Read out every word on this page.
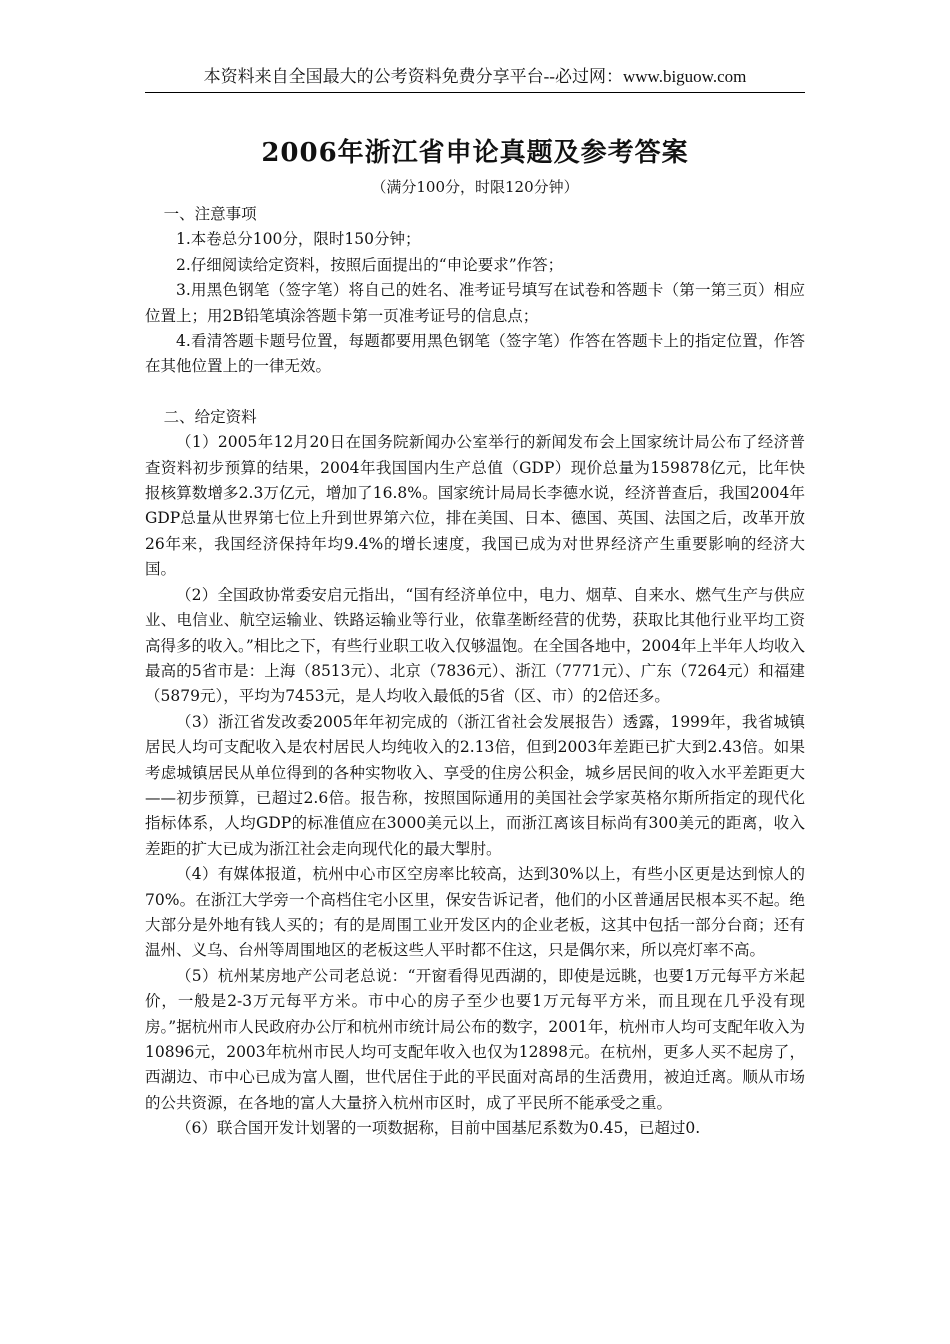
本资料来自全国最大的公考资料免费分享平台--必过网：www.biguow.com
2006年浙江省申论真题及参考答案
（满分100分，时限120分钟）

一、注意事项

1.本卷总分100分，限时150分钟；

2.仔细阅读给定资料，按照后面提出的“申论要求”作答；

3.用黑色钢笔（签字笔）将自己的姓名、准考证号填写在试卷和答题卡（第一第三页）相应位置上；用2B铅笔填涂答题卡第一页准考证号的信息点；

4.看清答题卡题号位置，每题都要用黑色钢笔（签字笔）作答在答题卡上的指定位置，作答在其他位置上的一律无效。

二、给定资料

（1）2005年12月20日在国务院新闻办公室举行的新闻发布会上国家统计局公布了经济普查资料初步预算的结果，2004年我国国内生产总值（GDP）现价总量为159878亿元，比年快报核算数增多2.3万亿元，增加了16.8%。国家统计局局长李德水说，经济普查后，我国2004年GDP总量从世界第七位上升到世界第六位，排在美国、日本、德国、英国、法国之后，改革开放26年来，我国经济保持年均9.4%的增长速度，我国已成为对世界经济产生重要影响的经济大国。

（2）全国政协常委安启元指出，“国有经济单位中，电力、烟草、自来水、燃气生产与供应业、电信业、航空运输业、铁路运输业等行业，依靠垄断经营的优势，获取比其他行业平均工资高得多的收入。”相比之下，有些行业职工收入仅够温饱。在全国各地中，2004年上半年人均收入最高的5省市是：上海（8513元）、北京（7836元）、浙江（7771元）、广东（7264元）和福建（5879元），平均为7453元，是人均收入最低的5省（区、市）的2倍还多。

（3）浙江省发改委2005年年初完成的（浙江省社会发展报告）透露，1999年，我省城镇居民人均可支配收入是农村居民人均纯收入的2.13倍，但到2003年差距已扩大到2.43倍。如果考虑城镇居民从单位得到的各种实物收入、享受的住房公积金，城乡居民间的收入水平差距更大——初步预算，已超过2.6倍。报告称，按照国际通用的美国社会学家英格尔斯所指定的现代化指标体系，人均GDP的标准值应在3000美元以上，而浙江离该目标尚有300美元的距离，收入差距的扩大已成为浙江社会走向现代化的最大掣肘。

（4）有媒体报道，杭州中心市区空房率比较高，达到30%以上，有些小区更是达到惊人的70%。在浙江大学旁一个高档住宅小区里，保安告诉记者，他们的小区普通居民根本买不起。绝大部分是外地有钱人买的；有的是周围工业开发区内的企业老板，这其中包括一部分台商；还有温州、义乌、台州等周围地区的老板这些人平时都不住这，只是偶尔来，所以亮灯率不高。

（5）杭州某房地产公司老总说：“开窗看得见西湖的，即使是远眺，也要1万元每平方米起价，一般是2-3万元每平方米。市中心的房子至少也要1万元每平方米，而且现在几乎没有现房。”据杭州市人民政府办公厅和杭州市统计局公布的数字，2001年，杭州市人均可支配年收入为10896元，2003年杭州市民人均可支配年收入也仅为12898元。在杭州，更多人买不起房了，西湖边、市中心已成为富人圈，世代居住于此的平民面对高昂的生活费用，被迫迁离。顺从市场的公共资源，在各地的富人大量挤入杭州市区时，成了平民所不能承受之重。

（6）联合国开发计划署的一项数据称，目前中国基尼系数为0.45，已超过0.
